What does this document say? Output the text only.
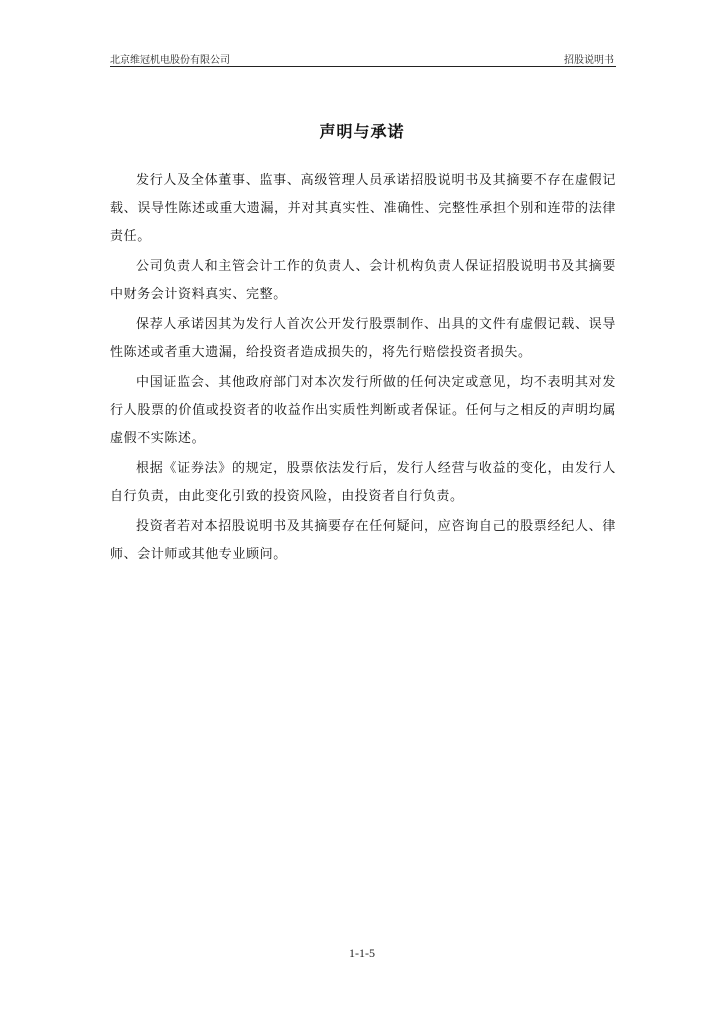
北京维冠机电股份有限公司	招股说明书
声明与承诺

发行人及全体董事、监事、高级管理人员承诺招股说明书及其摘要不存在虚假记载、误导性陈述或重大遗漏，并对其真实性、准确性、完整性承担个别和连带的法律责任。

公司负责人和主管会计工作的负责人、会计机构负责人保证招股说明书及其摘要中财务会计资料真实、完整。

保荐人承诺因其为发行人首次公开发行股票制作、出具的文件有虚假记载、误导性陈述或者重大遗漏，给投资者造成损失的，将先行赔偿投资者损失。

中国证监会、其他政府部门对本次发行所做的任何决定或意见，均不表明其对发行人股票的价值或投资者的收益作出实质性判断或者保证。任何与之相反的声明均属虚假不实陈述。

根据《证券法》的规定，股票依法发行后，发行人经营与收益的变化，由发行人自行负责，由此变化引致的投资风险，由投资者自行负责。

投资者若对本招股说明书及其摘要存在任何疑问，应咨询自己的股票经纪人、律师、会计师或其他专业顾问。

1-1-5
